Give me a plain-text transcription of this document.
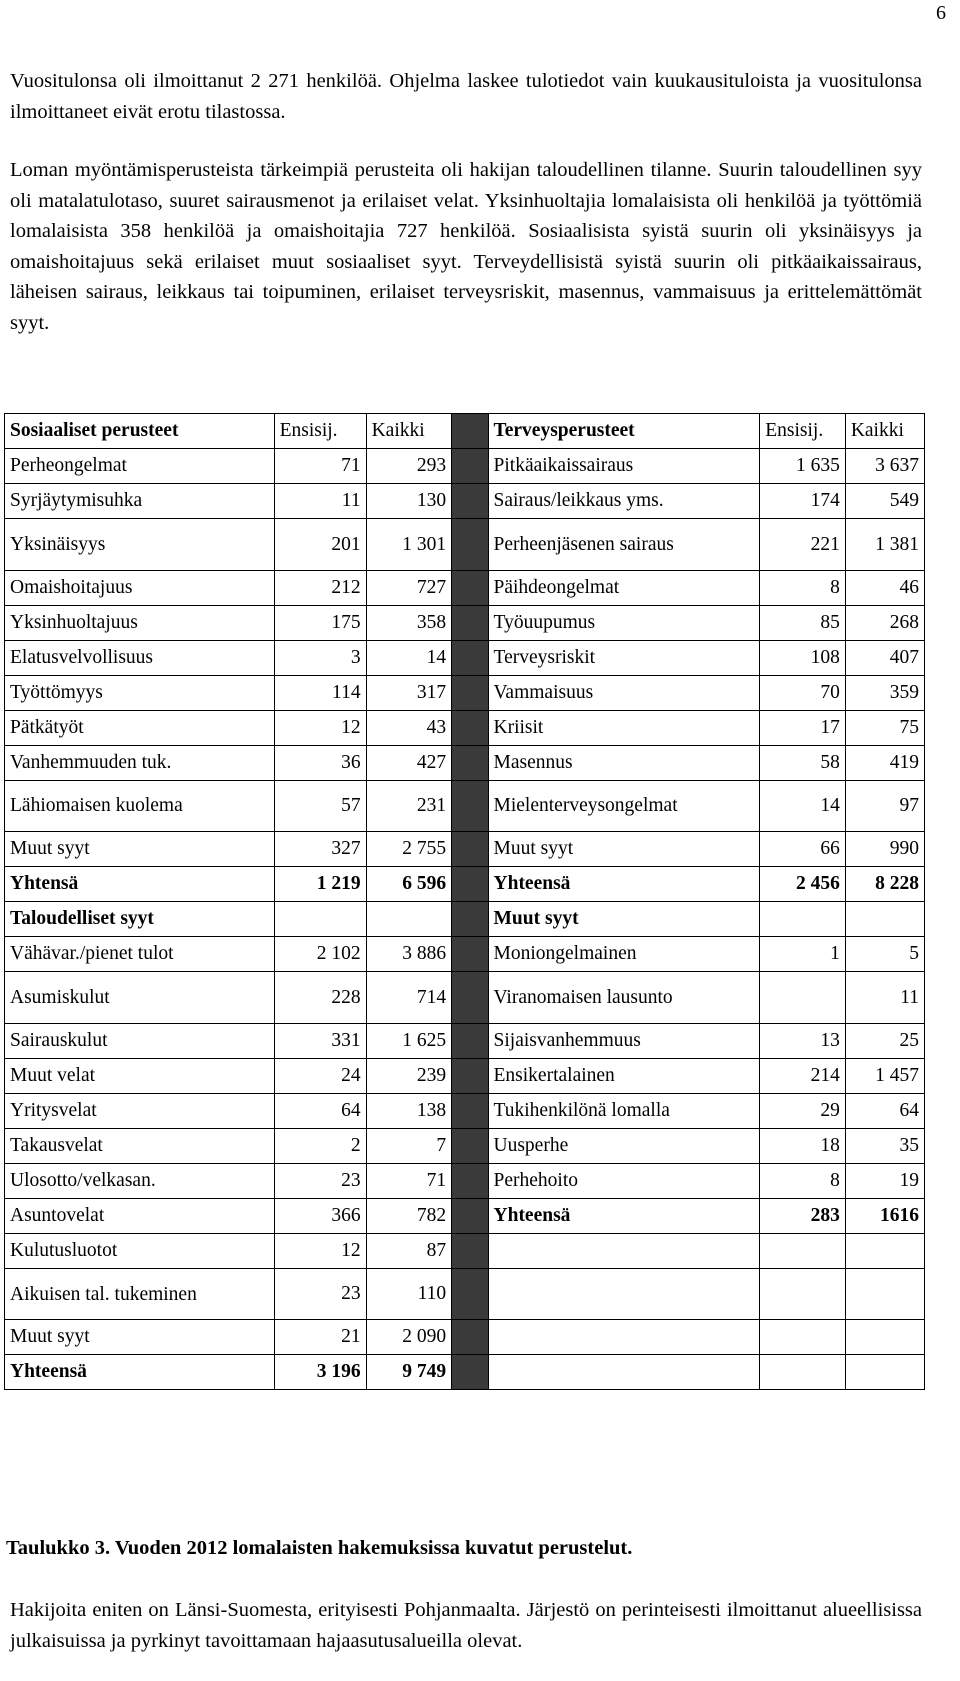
6

Vuositulonsa oli ilmoittanut 2 271 henkilöä. Ohjelma laskee tulotiedot vain kuukausituloista ja vuositulonsa ilmoittaneet eivät erotu tilastossa.

Loman myöntämisperusteista tärkeimpiä perusteita oli hakijan taloudellinen tilanne. Suurin taloudellinen syy oli matalatulotaso, suuret sairausmenot ja erilaiset velat. Yksinhuoltajia lomalaisista oli henkilöä ja työttömiä lomalaisista 358 henkilöä ja omaishoitajia 727 henkilöä. Sosiaalisista syistä suurin oli yksinäisyys ja omaishoitajuus sekä erilaiset muut sosiaaliset syyt. Terveydellisistä syistä suurin oli pitkäaikaissairaus, läheisen sairaus, leikkaus tai toipuminen, erilaiset terveysriskit, masennus, vammaisuus ja erittelemättömät syyt.

Sosiaaliset perusteet	Ensisij.	Kaikki		Terveysperusteet	Ensisij.	Kaikki
Perheongelmat	71	293		Pitkäaikaissairaus	1 635	3 637
Syrjäytymisuhka	11	130		Sairaus/leikkaus yms.	174	549
Yksinäisyys	201	1 301		Perheenjäsenen sairaus	221	1 381
Omaishoitajuus	212	727		Päihdeongelmat	8	46
Yksinhuoltajuus	175	358		Työuupumus	85	268
Elatusvelvollisuus	3	14		Terveysriskit	108	407
Työttömyys	114	317		Vammaisuus	70	359
Pätkätyöt	12	43		Kriisit	17	75
Vanhemmuuden tuk.	36	427		Masennus	58	419
Lähiomaisen kuolema	57	231		Mielenterveysongelmat	14	97
Muut syyt	327	2 755		Muut syyt	66	990
Yhtensä	1 219	6 596		Yhteensä	2 456	8 228
Taloudelliset syyt				Muut syyt		
Vähävar./pienet tulot	2 102	3 886		Moniongelmainen	1	5
Asumiskulut	228	714		Viranomaisen lausunto		11
Sairauskulut	331	1 625		Sijaisvanhemmuus	13	25
Muut velat	24	239		Ensikertalainen	214	1 457
Yritysvelat	64	138		Tukihenkilönä lomalla	29	64
Takausvelat	2	7		Uusperhe	18	35
Ulosotto/velkasan.	23	71		Perhehoito	8	19
Asuntovelat	366	782		Yhteensä	283	1616
Kulutusluotot	12	87				
Aikuisen tal. tukeminen	23	110				
Muut syyt	21	2 090				
Yhteensä	3 196	9 749				

Taulukko 3. Vuoden 2012 lomalaisten hakemuksissa kuvatut perustelut.

Hakijoita eniten on Länsi-Suomesta, erityisesti Pohjanmaalta. Järjestö on perinteisesti ilmoittanut alueellisissa julkaisuissa ja pyrkinyt tavoittamaan hajaasutusalueilla olevat.
